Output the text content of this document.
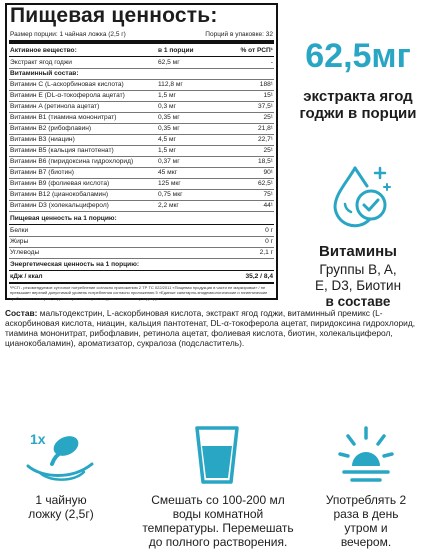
Пищевая ценность:
Размер порции: 1 чайная ложка (2,5 г)	Порций в упаковке: 32
Активное вещество:	в 1 порции	% от РСП¹
Экстракт ягод годжи	62,5 мг	-
Витаминный состав:
Витамин C (L-аскорбиновая кислота)	112,8 мг	188¹
Витамин E (DL-α-токоферола ацетат)	1,5 мг	15¹
Витамин A (ретинола ацетат)	0,3 мг	37,5¹
Витамин B1 (тиамина мононитрат)	0,35 мг	25¹
Витамин B2 (рибофлавин)	0,35 мг	21,8¹
Витамин B3 (ниацин)	4,5 мг	22,7¹
Витамин B5 (кальция пантотенат)	1,5 мг	25¹
Витамин B6 (пиридоксина гидрохлорид)	0,37 мг	18,5¹
Витамин B7 (биотин)	45 мкг	90¹
Витамин B9 (фолиевая кислота)	125 мкг	62,5¹
Витамин B12 (цианокобаламин)	0,75 мкг	75¹
Витамин D3 (холекальциферол)	2,2 мкг	44¹
Пищевая ценность на 1 порцию:
Белки	0 г
Жиры	0 г
Углеводы	2,1 г
Энергетическая ценность на 1 порцию:
кДж / ккал	35,2 / 8,4
¹РСП - рекомендуемое суточное потребление согласно приложению 2 ТР ТС 022/2011 «Пищевая продукция в части ее маркировки» / не превышает верхний допустимый уровень потребления согласно приложению 5 «Единые санитарно-эпидемиологические и гигиенические требования к товарам, подлежащим санитарно-эпидемиологическому надзору».
62,5мг
экстракта ягод годжи в порции
Витамины
Группы B, A,
E, D3, Биотин
в составе
Состав: мальтодекстрин, L-аскорбиновая кислота, экстракт ягод годжи, витаминный премикс (L-аскорбиновая кислота, ниацин, кальция пантотенат, DL-α-токоферола ацетат, пиридоксина гидрохлорид, тиамина мононитрат, рибофлавин, ретинола ацетат, фолиевая кислота, биотин, холекальциферол, цианокобаламин), ароматизатор, сукралоза (подсластитель).
1x
1 чайную ложку (2,5г)
Смешать со 100-200 мл воды комнатной температуры. Перемешать до полного растворения.
Употреблять 2 раза в день утром и вечером.
